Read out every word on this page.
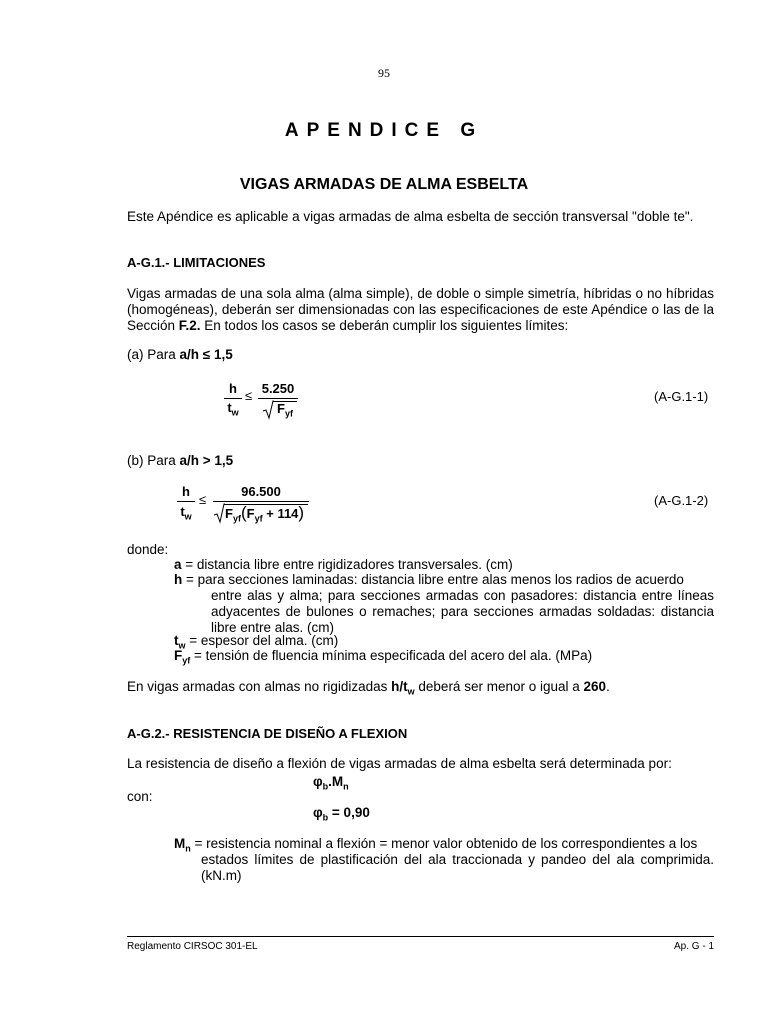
95
APENDICE G
VIGAS ARMADAS DE ALMA ESBELTA
Este Apéndice es aplicable a vigas armadas de alma esbelta de sección transversal "doble te".
A-G.1.- LIMITACIONES
Vigas armadas de una sola alma (alma simple), de doble o simple simetría, híbridas o no híbridas (homogéneas), deberán ser dimensionadas con las especificaciones de este Apéndice o las de la Sección F.2. En todos los casos se deberán cumplir los siguientes límites:
(a) Para a/h ≤ 1,5
h
$t_w$
≤ 5.250
$F_{yf}$
(A-G.1-1)
(b) Para a/h > 1,5
h
$t_w$
≤
96.500
$F_{yf}(F_{yf} + 114)$
(A-G.1-2)
donde:
a = distancia libre entre rigidizadores transversales. (cm)
h = para secciones laminadas: distancia libre entre alas menos los radios de acuerdo
entre alas y alma; para secciones armadas con pasadores: distancia entre líneas adyacentes de bulones o remaches; para secciones armadas soldadas: distancia libre entre alas. (cm)
$t_w$ = espesor del alma. (cm)
$F_{yf}$ = tensión de fluencia mínima especificada del acero del ala. (MPa)
En vigas armadas con almas no rigidizadas $h/t_w$ deberá ser menor o igual a 260.
A-G.2.- RESISTENCIA DE DISEÑO A FLEXION
La resistencia de diseño a flexión de vigas armadas de alma esbelta será determinada por:
$\varphi_b.M_n$
con:
$\varphi_b = 0,90$
$M_n$ = resistencia nominal a flexión = menor valor obtenido de los correspondientes a los
estados límites de plastificación del ala traccionada y pandeo del ala comprimida. (kN.m)
Reglamento CIRSOC 301-EL	Ap. G - 1
